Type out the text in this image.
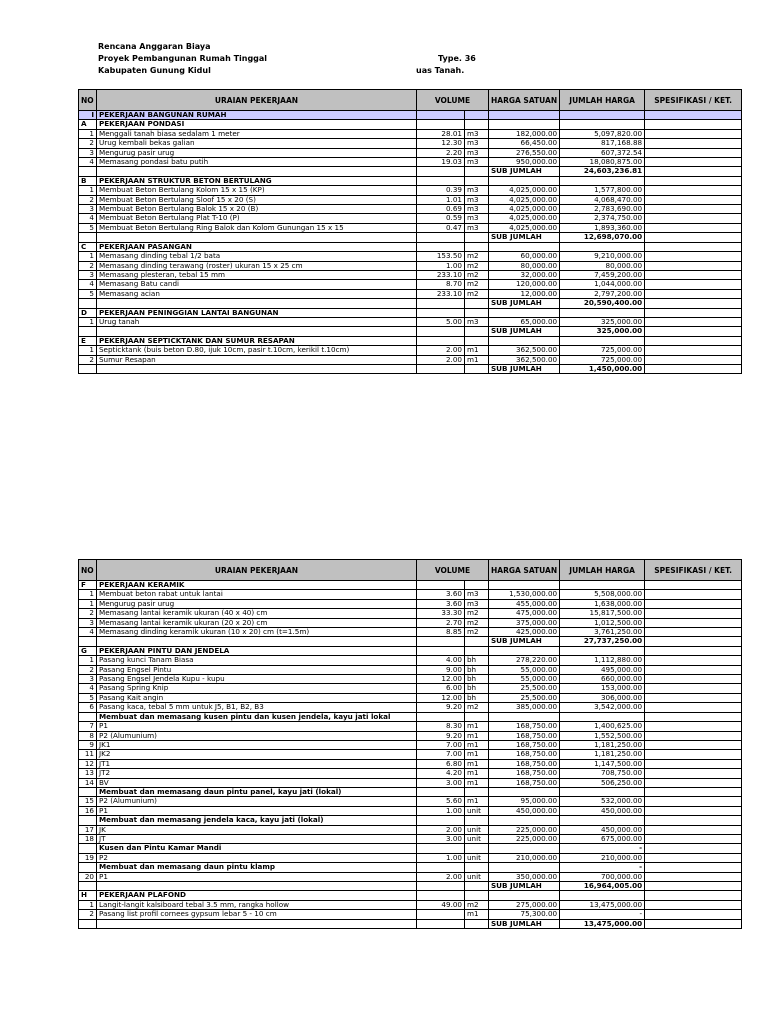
Rencana Anggaran Biaya
Proyek Pembangunan Rumah Tinggal
Kabupaten Gunung Kidul
Type. 36
uas Tanah.
NO	URAIAN PEKERJAAN	VOLUME		HARGA SATUAN	JUMLAH HARGA	SPESIFIKASI / KET.
I	PEKERJAAN BANGUNAN RUMAH					
A	PEKERJAAN PONDASI					
1	Menggali tanah biasa sedalam 1 meter	28.01	m3	182,000.00	5,097,820.00	
2	Urug kembali bekas galian	12.30	m3	66,450.00	817,168.88	
3	Mengurug pasir urug	2.20	m3	276,550.00	607,372.54	
4	Memasang pondasi batu putih	19.03	m3	950,000.00	18,080,875.00	
				SUB JUMLAH	24,603,236.81	
B	PEKERJAAN STRUKTUR BETON BERTULANG					
1	Membuat Beton Bertulang Kolom 15 x 15 (KP)	0.39	m3	4,025,000.00	1,577,800.00	
2	Membuat Beton Bertulang Sloof 15 x 20 (S)	1.01	m3	4,025,000.00	4,068,470.00	
3	Membuat Beton Bertulang Balok 15 x 20 (B)	0.69	m3	4,025,000.00	2,783,690.00	
4	Membuat Beton Bertulang Plat T-10 (P)	0.59	m3	4,025,000.00	2,374,750.00	
5	Membuat Beton Bertulang Ring Balok dan Kolom Gunungan 15 x 15	0.47	m3	4,025,000.00	1,893,360.00	
				SUB JUMLAH	12,698,070.00	
C	PEKERJAAN PASANGAN					
1	Memasang dinding tebal 1/2 bata	153.50	m2	60,000.00	9,210,000.00	
2	Memasang dinding terawang (roster) ukuran 15 x 25 cm	1.00	m2	80,000.00	80,000.00	
3	Memasang plesteran, tebal 15 mm	233.10	m2	32,000.00	7,459,200.00	
4	Memasang Batu candi	8.70	m2	120,000.00	1,044,000.00	
5	Memasang acian	233.10	m2	12,000.00	2,797,200.00	
				SUB JUMLAH	20,590,400.00	
D	PEKERJAAN PENINGGIAN LANTAI BANGUNAN					
1	Urug tanah	5.00	m3	65,000.00	325,000.00	
				SUB JUMLAH	325,000.00	
E	PEKERJAAN SEPTICKTANK DAN SUMUR RESAPAN					
1	Septicktank (buis beton D.80, ijuk 10cm, pasir t.10cm, kerikil t.10cm)	2.00	m1	362,500.00	725,000.00	
2	Sumur Resapan	2.00	m1	362,500.00	725,000.00	
				SUB JUMLAH	1,450,000.00	
NO	URAIAN PEKERJAAN	VOLUME		HARGA SATUAN	JUMLAH HARGA	SPESIFIKASI / KET.
F	PEKERJAAN KERAMIK					
1	Membuat beton rabat untuk lantai	3.60	m3	1,530,000.00	5,508,000.00	
1	Mengurug pasir urug	3.60	m3	455,000.00	1,638,000.00	
2	Memasang lantai keramik ukuran (40 x 40) cm	33.30	m2	475,000.00	15,817,500.00	
3	Memasang lantai keramik ukuran (20 x 20) cm	2.70	m2	375,000.00	1,012,500.00	
4	Memasang dinding keramik ukuran (10 x 20) cm (t=1.5m)	8.85	m2	425,000.00	3,761,250.00	
				SUB JUMLAH	27,737,250.00	
G	PEKERJAAN PINTU DAN JENDELA					
1	Pasang kunci Tanam Biasa	4.00	bh	278,220.00	1,112,880.00	
2	Pasang Engsel Pintu	9.00	bh	55,000.00	495,000.00	
3	Pasang Engsel Jendela Kupu - kupu	12.00	bh	55,000.00	660,000.00	
4	Pasang Spring Knip	6.00	bh	25,500.00	153,000.00	
5	Pasang Kait angin	12.00	bh	25,500.00	306,000.00	
6	Pasang kaca, tebal 5 mm untuk J5, B1, B2, B3	9.20	m2	385,000.00	3,542,000.00	
	Membuat dan memasang kusen pintu dan kusen jendela, kayu jati lokal					
7	P1	8.30	m1	168,750.00	1,400,625.00	
8	P2 (Alumunium)	9.20	m1	168,750.00	1,552,500.00	
9	JK1	7.00	m1	168,750.00	1,181,250.00	
11	JK2	7.00	m1	168,750.00	1,181,250.00	
12	JT1	6.80	m1	168,750.00	1,147,500.00	
13	JT2	4.20	m1	168,750.00	708,750.00	
14	BV	3.00	m1	168,750.00	506,250.00	
	Membuat dan memasang daun pintu panel, kayu jati (lokal)					
15	P2 (Alumunium)	5.60	m1	95,000.00	532,000.00	
16	P1	1.00	unit	450,000.00	450,000.00	
	Membuat dan memasang jendela kaca, kayu jati (lokal)					
17	JK	2.00	unit	225,000.00	450,000.00	
18	JT	3.00	unit	225,000.00	675,000.00	
	Kusen dan Pintu Kamar Mandi				-	
19	P2	1.00	unit	210,000.00	210,000.00	
	Membuat dan memasang daun pintu klamp				-	
20	P1	2.00	unit	350,000.00	700,000.00	
				SUB JUMLAH	16,964,005.00	
H	PEKERJAAN PLAFOND					
1	Langit-langit kalsiboard tebal 3.5 mm, rangka hollow	49.00	m2	275,000.00	13,475,000.00	
2	Pasang list profil cornees gypsum lebar 5 - 10 cm		m1	75,300.00	-	
				SUB JUMLAH	13,475,000.00	
